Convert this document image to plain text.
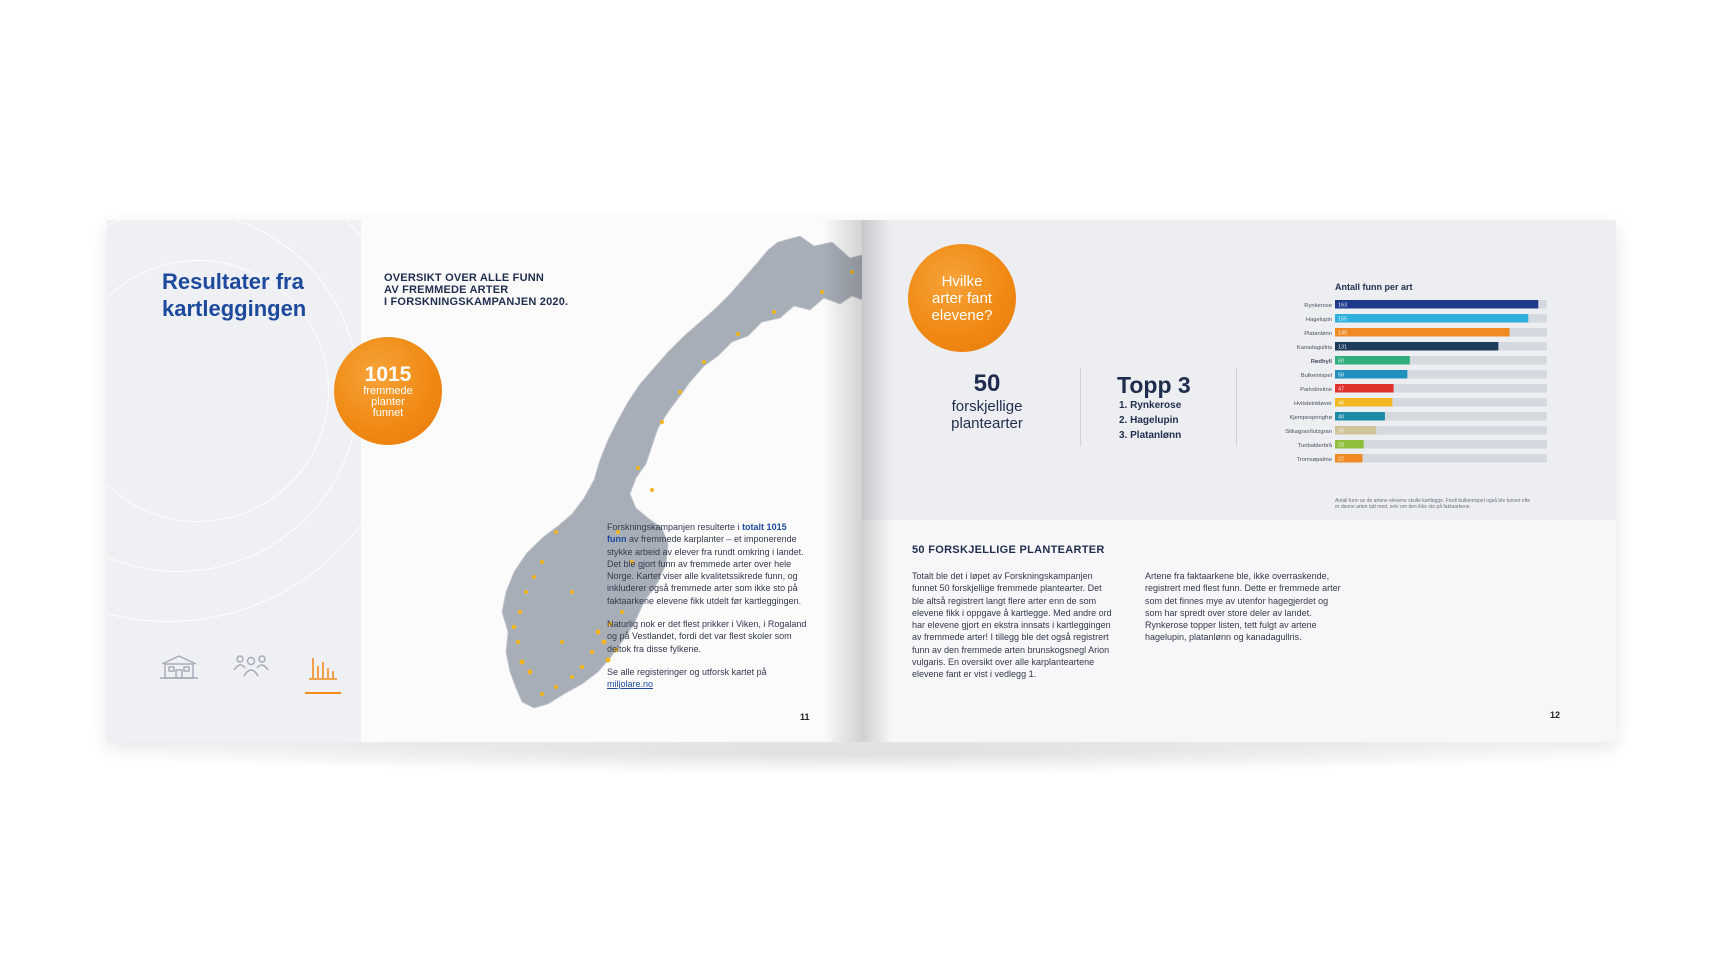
Resultater fra
kartleggingen
1015
fremmede
planter
funnet
OVERSIKT OVER ALLE FUNN
AV FREMMEDE ARTER
I FORSKNINGSKAMPANJEN 2020.

Forskningskampanjen resulterte i totalt 1015 funn av fremmede karplanter – et imponerende stykke arbeid av elever fra rundt omkring i landet. Det ble gjort funn av fremmede arter over hele Norge. Kartet viser alle kvalitetssikrede funn, og inkluderer også fremmede arter som ikke sto på faktaarkene elevene fikk utdelt før kartleggingen.

Naturlig nok er det flest prikker i Viken, i Rogaland og på Vestlandet, fordi det var flest skoler som deltok fra disse fylkene.

Se alle registeringer og utforsk kartet på
miljolare.no

11
Hvilke
arter fant
elevene?
50
forskjellige
plantearter
Topp 3
1. Rynkerose
2. Hagelupin
3. Platanlønn
Antall funn per art
Rynkerose 163
Hagelupin 155
Platanlønn 140
Kanadagullris 131
Rødhyll 60
Bulkemispel 58
Parkslirekne 47
Hvitsteinkløver 46
Kjempespringfrø 40
Sitkagran/lutzgran 33
Tunbalderbrå 23
Tromsøpalme 22
Antall funn av de artene elevene skulle kartlegge. Fordi bulkemispel også ble funnet ofte er denne arten tatt med, selv om den ikke sto på faktaarkene.
50 FORSKJELLIGE PLANTEARTER
Totalt ble det i løpet av Forskningskampanjen funnet 50 forskjellige fremmede plantearter. Det ble altså registrert langt flere arter enn de som elevene fikk i oppgave å kartlegge. Med andre ord har elevene gjort en ekstra innsats i kartleggingen av fremmede arter! I tillegg ble det også registrert funn av den fremmede arten brunskogsnegl Arion vulgaris. En oversikt over alle karplanteartene elevene fant er vist i vedlegg 1.
Artene fra faktaarkene ble, ikke overraskende, registrert med flest funn. Dette er fremmede arter som det finnes mye av utenfor hagegjerdet og som har spredt over store deler av landet. Rynkerose topper listen, tett fulgt av artene hagelupin, platanlønn og kanadagullris.
12
